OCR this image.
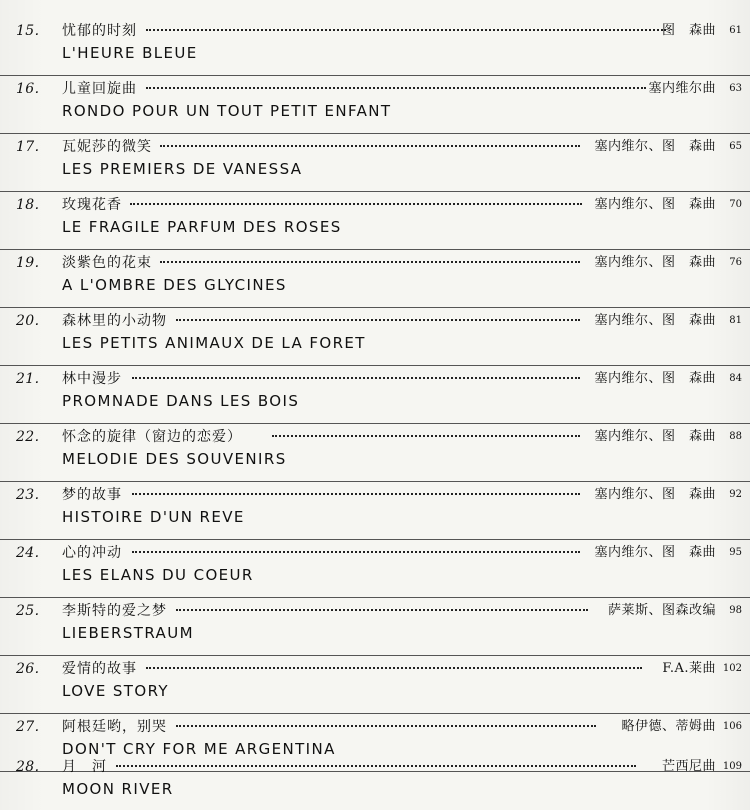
15.	忧郁的时刻	图　森曲	61
L'HEURE BLEUE
16.	儿童回旋曲	塞内维尔曲	63
RONDO POUR UN TOUT PETIT ENFANT
17.	瓦妮莎的微笑	塞内维尔、图　森曲	65
LES PREMIERS DE VANESSA
18.	玫瑰花香	塞内维尔、图　森曲	70
LE FRAGILE PARFUM DES ROSES
19.	淡紫色的花束	塞内维尔、图　森曲	76
A L'OMBRE DES GLYCINES
20.	森林里的小动物	塞内维尔、图　森曲	81
LES PETITS ANIMAUX DE LA FORET
21.	林中漫步	塞内维尔、图　森曲	84
PROMNADE DANS LES BOIS
22.	怀念的旋律（窗边的恋爱）	塞内维尔、图　森曲	88
MELODIE DES SOUVENIRS
23.	梦的故事	塞内维尔、图　森曲	92
HISTOIRE D'UN REVE
24.	心的冲动	塞内维尔、图　森曲	95
LES ELANS DU COEUR
25.	李斯特的爱之梦	萨莱斯、图森改编	98
LIEBERSTRAUM
26.	爱情的故事	F.A.莱曲 102
LOVE STORY
27.	阿根廷哟，别哭	略伊德、蒂姆曲 106
DON'T CRY FOR ME ARGENTINA
28.	月　河	芒西尼曲 109
MOON RIVER
